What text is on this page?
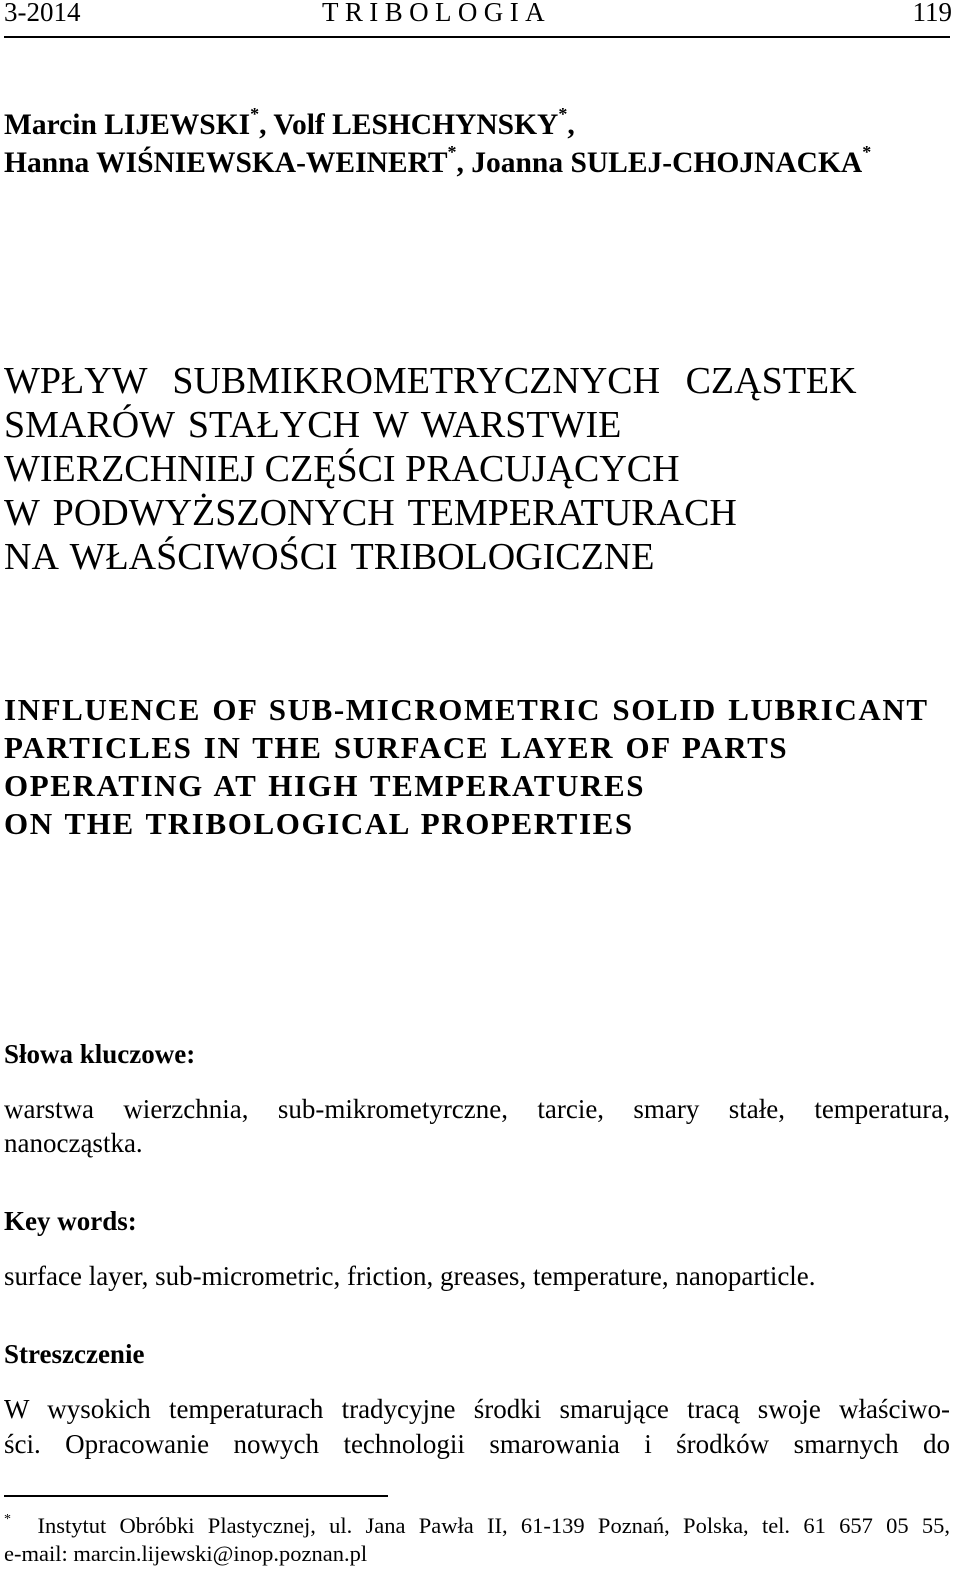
3-2014	TRIBOLOGIA	119
Marcin LIJEWSKI*, Volf LESHCHYNSKY*,
Hanna WIŚNIEWSKA-WEINERT*, Joanna SULEJ-CHOJNACKA*
WPŁYW SUBMIKROMETRYCZNYCH CZĄSTEK
SMARÓW STAŁYCH W WARSTWIE
WIERZCHNIEJ CZĘŚCI PRACUJĄCYCH
W PODWYŻSZONYCH TEMPERATURACH
NA WŁAŚCIWOŚCI TRIBOLOGICZNE
INFLUENCE OF SUB-MICROMETRIC SOLID LUBRICANT
PARTICLES IN THE SURFACE LAYER OF PARTS
OPERATING AT HIGH TEMPERATURES
ON THE TRIBOLOGICAL PROPERTIES
Słowa kluczowe:
warstwa wierzchnia, sub-mikrometyrczne, tarcie, smary stałe, temperatura,
nanocząstka.
Key words:
surface layer, sub-micrometric, friction, greases, temperature, nanoparticle.
Streszczenie
W wysokich temperaturach tradycyjne środki smarujące tracą swoje właściwo-
ści. Opracowanie nowych technologii smarowania i środków smarnych do
* Instytut Obróbki Plastycznej, ul. Jana Pawła II, 61-139 Poznań, Polska, tel. 61 657 05 55,
e-mail: marcin.lijewski@inop.poznan.pl
